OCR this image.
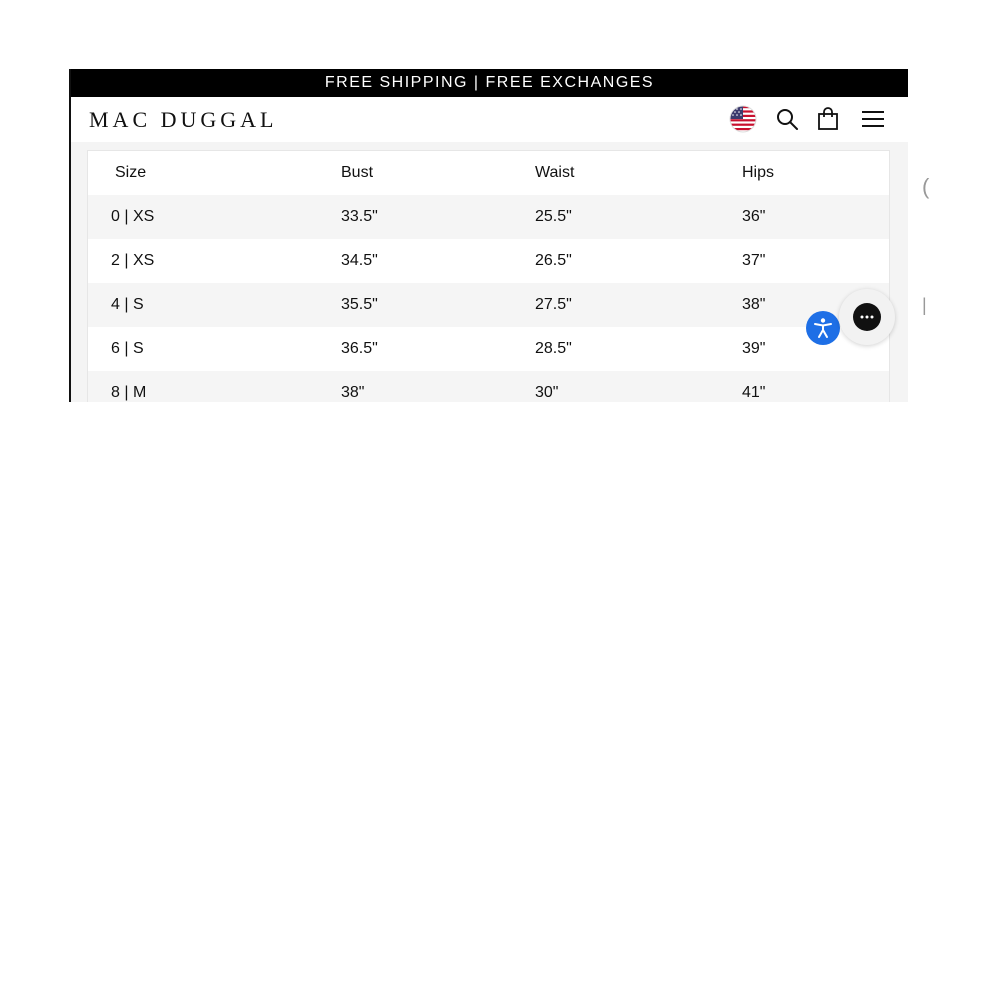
FREE SHIPPING | FREE EXCHANGES
MAC DUGGAL
Size	Bust	Waist	Hips
0 | XS	33.5"	25.5"	36"
2 | XS	34.5"	26.5"	37"
4 | S	35.5"	27.5"	38"
6 | S	36.5"	28.5"	39"
8 | M	38"	30"	41"
(
|
